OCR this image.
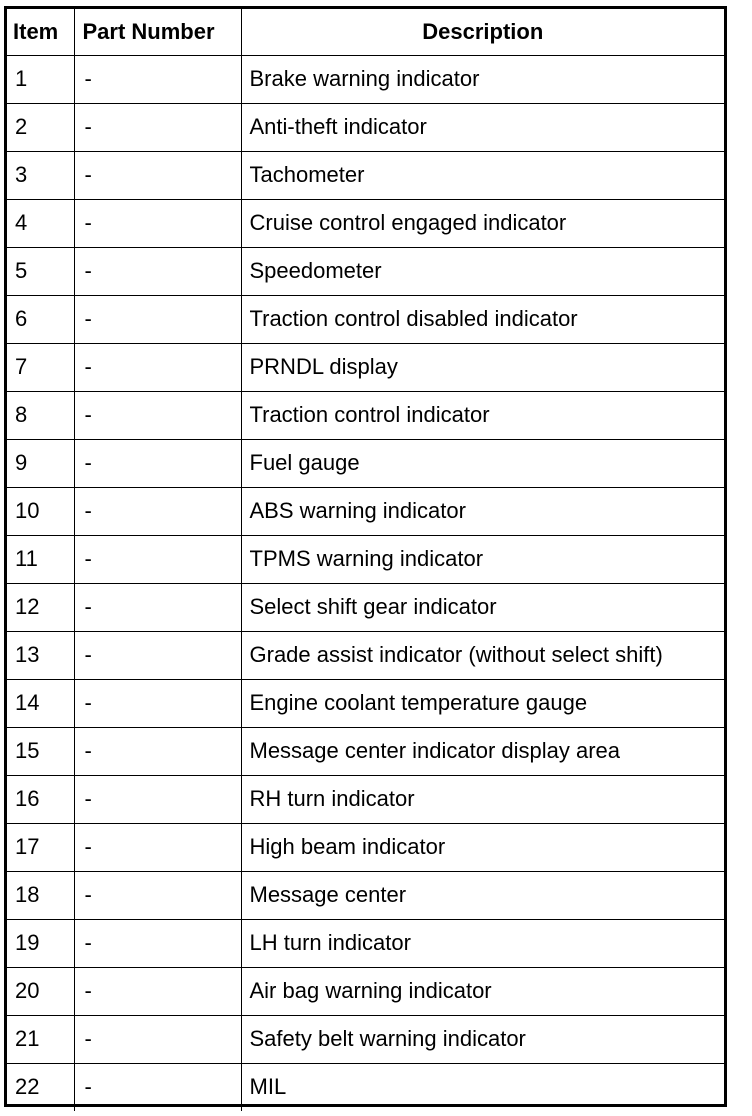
Item	Part Number	Description
1	-	Brake warning indicator
2	-	Anti-theft indicator
3	-	Tachometer
4	-	Cruise control engaged indicator
5	-	Speedometer
6	-	Traction control disabled indicator
7	-	PRNDL display
8	-	Traction control indicator
9	-	Fuel gauge
10	-	ABS warning indicator
11	-	TPMS warning indicator
12	-	Select shift gear indicator
13	-	Grade assist indicator (without select shift)
14	-	Engine coolant temperature gauge
15	-	Message center indicator display area
16	-	RH turn indicator
17	-	High beam indicator
18	-	Message center
19	-	LH turn indicator
20	-	Air bag warning indicator
21	-	Safety belt warning indicator
22	-	MIL
